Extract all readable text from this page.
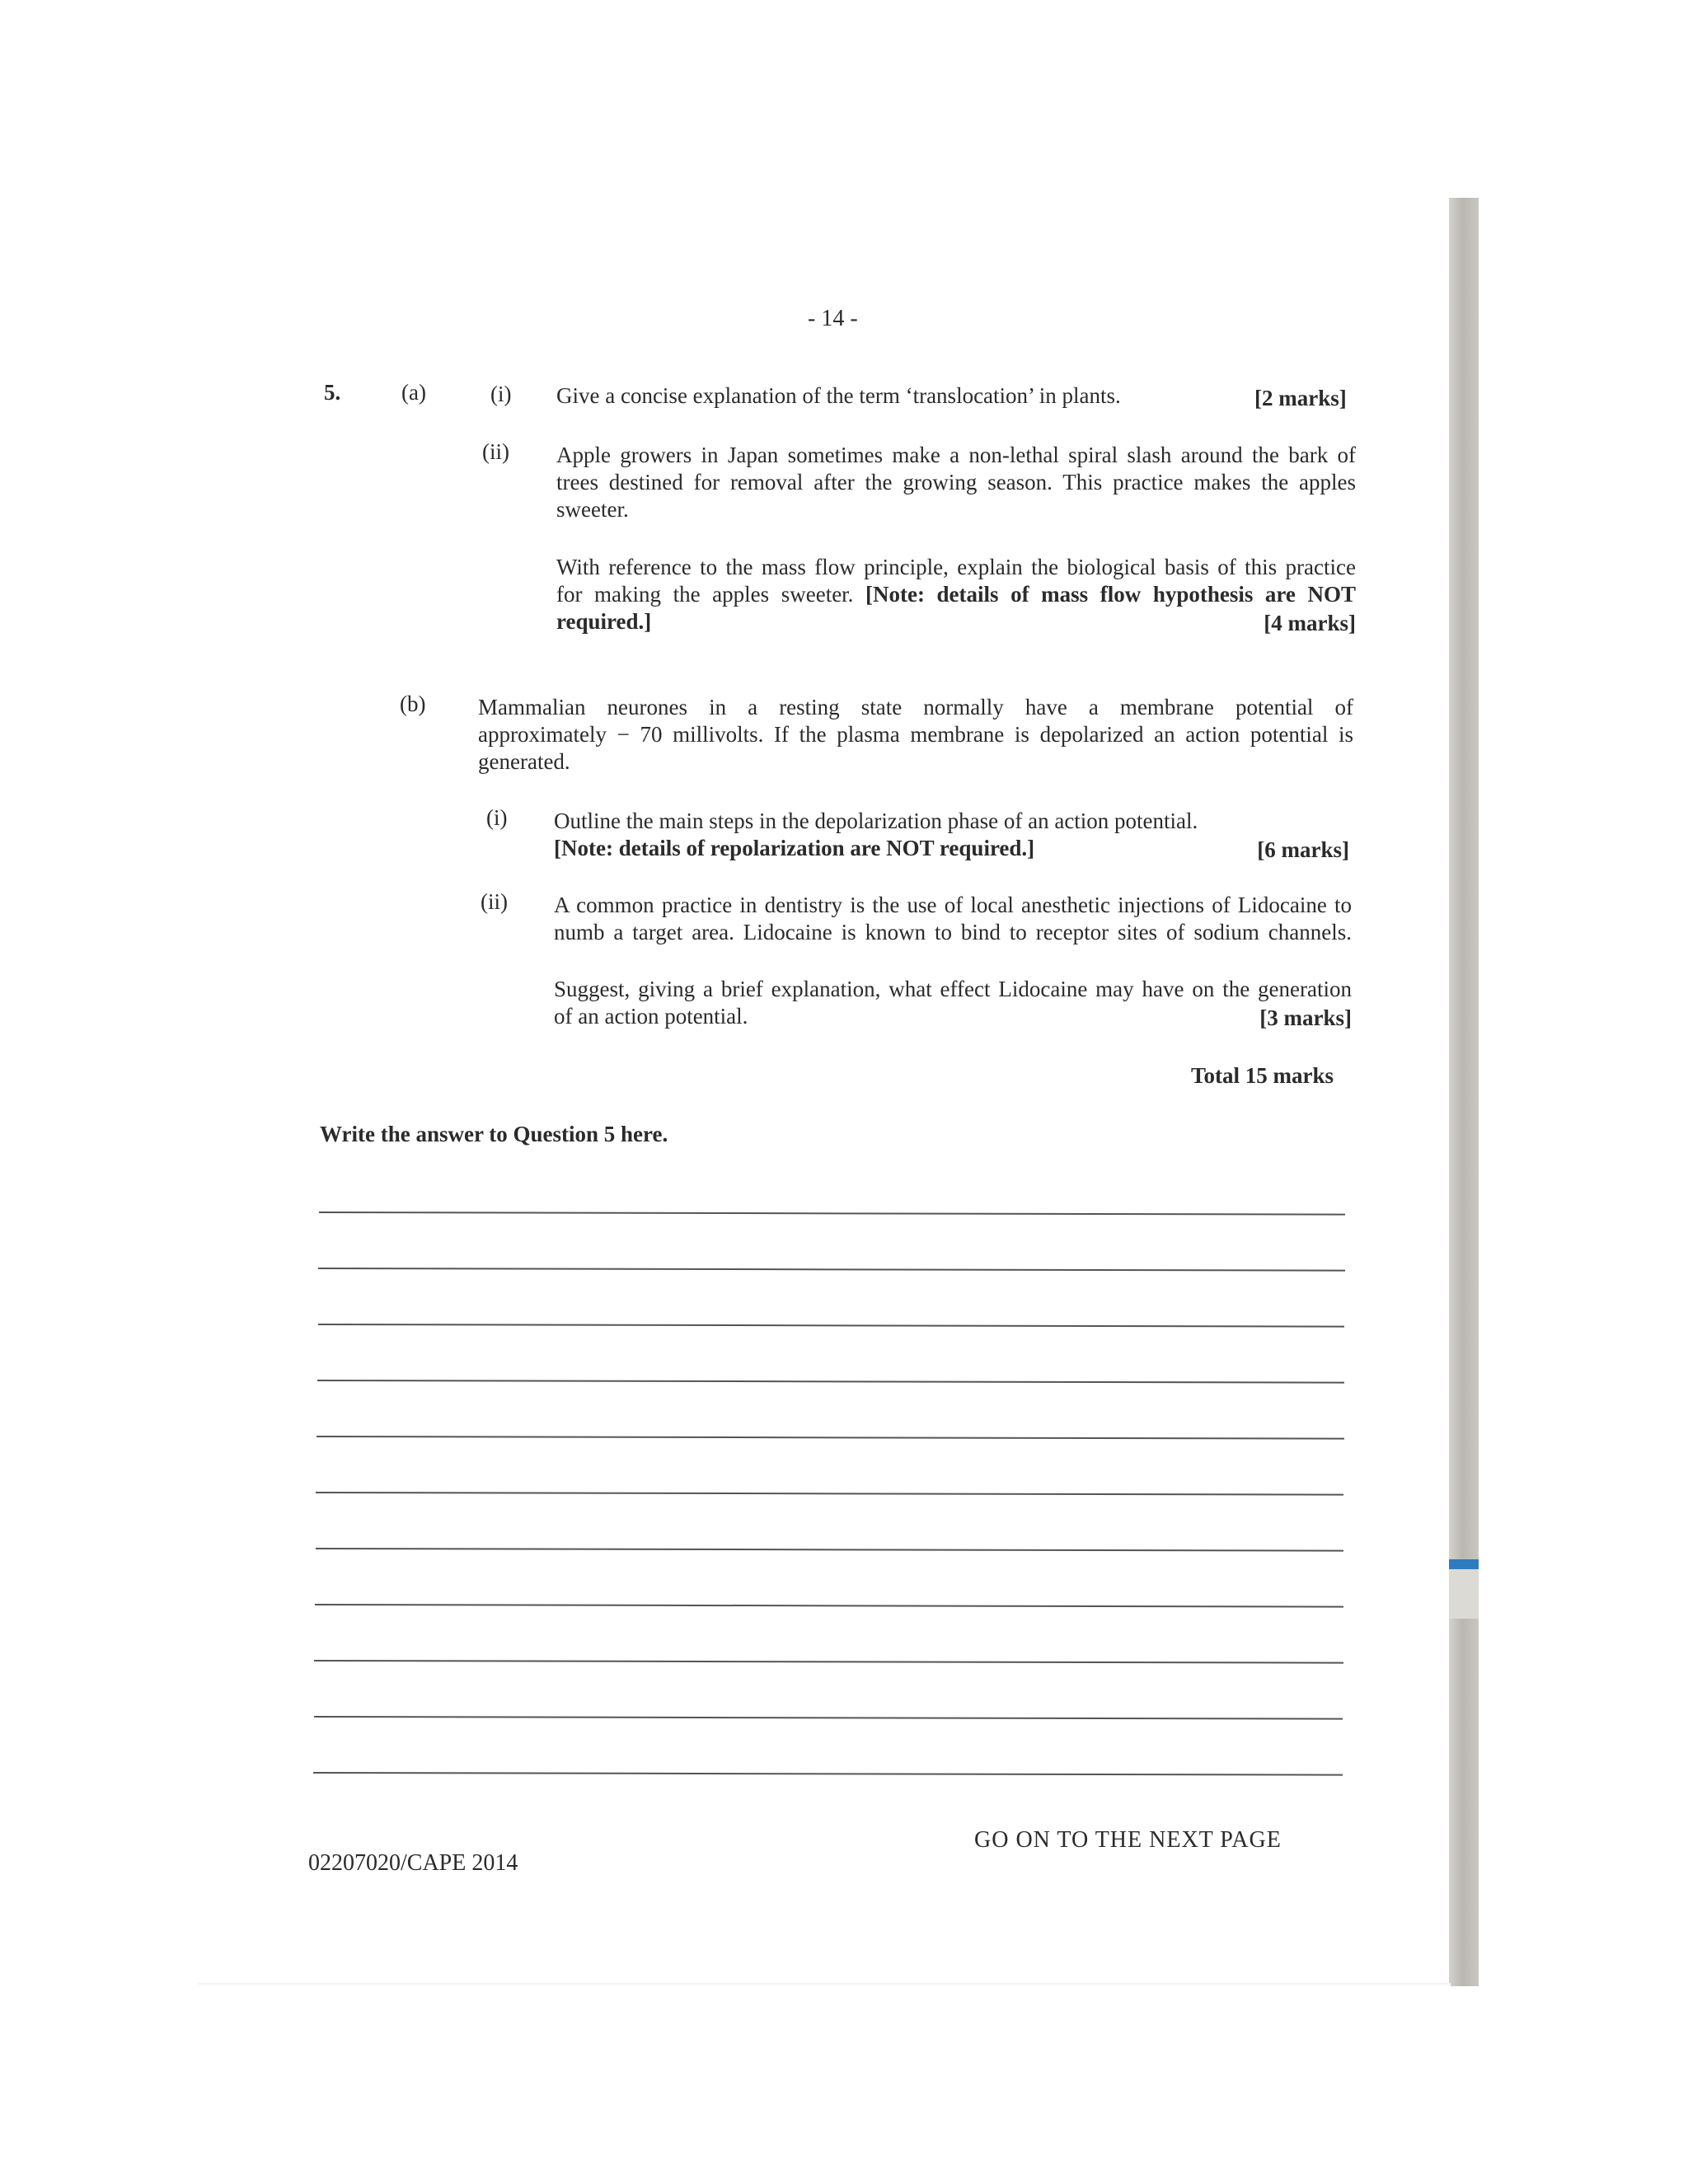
- 14 -
5.	(a)	(i) Give a concise explanation of the term ‘translocation’ in plants.	[2 marks]
(ii) Apple growers in Japan sometimes make a non-lethal spiral slash around the bark of
trees destined for removal after the growing season. This practice makes the apples
sweeter.
With reference to the mass flow principle, explain the biological basis of this practice
for making the apples sweeter. [Note: details of mass flow hypothesis are NOT
required.]	[4 marks]
(b) Mammalian neurones in a resting state normally have a membrane potential of
approximately − 70 millivolts. If the plasma membrane is depolarized an action potential is
generated.
(i) Outline the main steps in the depolarization phase of an action potential.
[Note: details of repolarization are NOT required.]	[6 marks]
(ii) A common practice in dentistry is the use of local anesthetic injections of Lidocaine to
numb a target area. Lidocaine is known to bind to receptor sites of sodium channels.
Suggest, giving a brief explanation, what effect Lidocaine may have on the generation
of an action potential.	[3 marks]
Total 15 marks
Write the answer to Question 5 here.
02207020/CAPE 2014
GO ON TO THE NEXT PAGE
